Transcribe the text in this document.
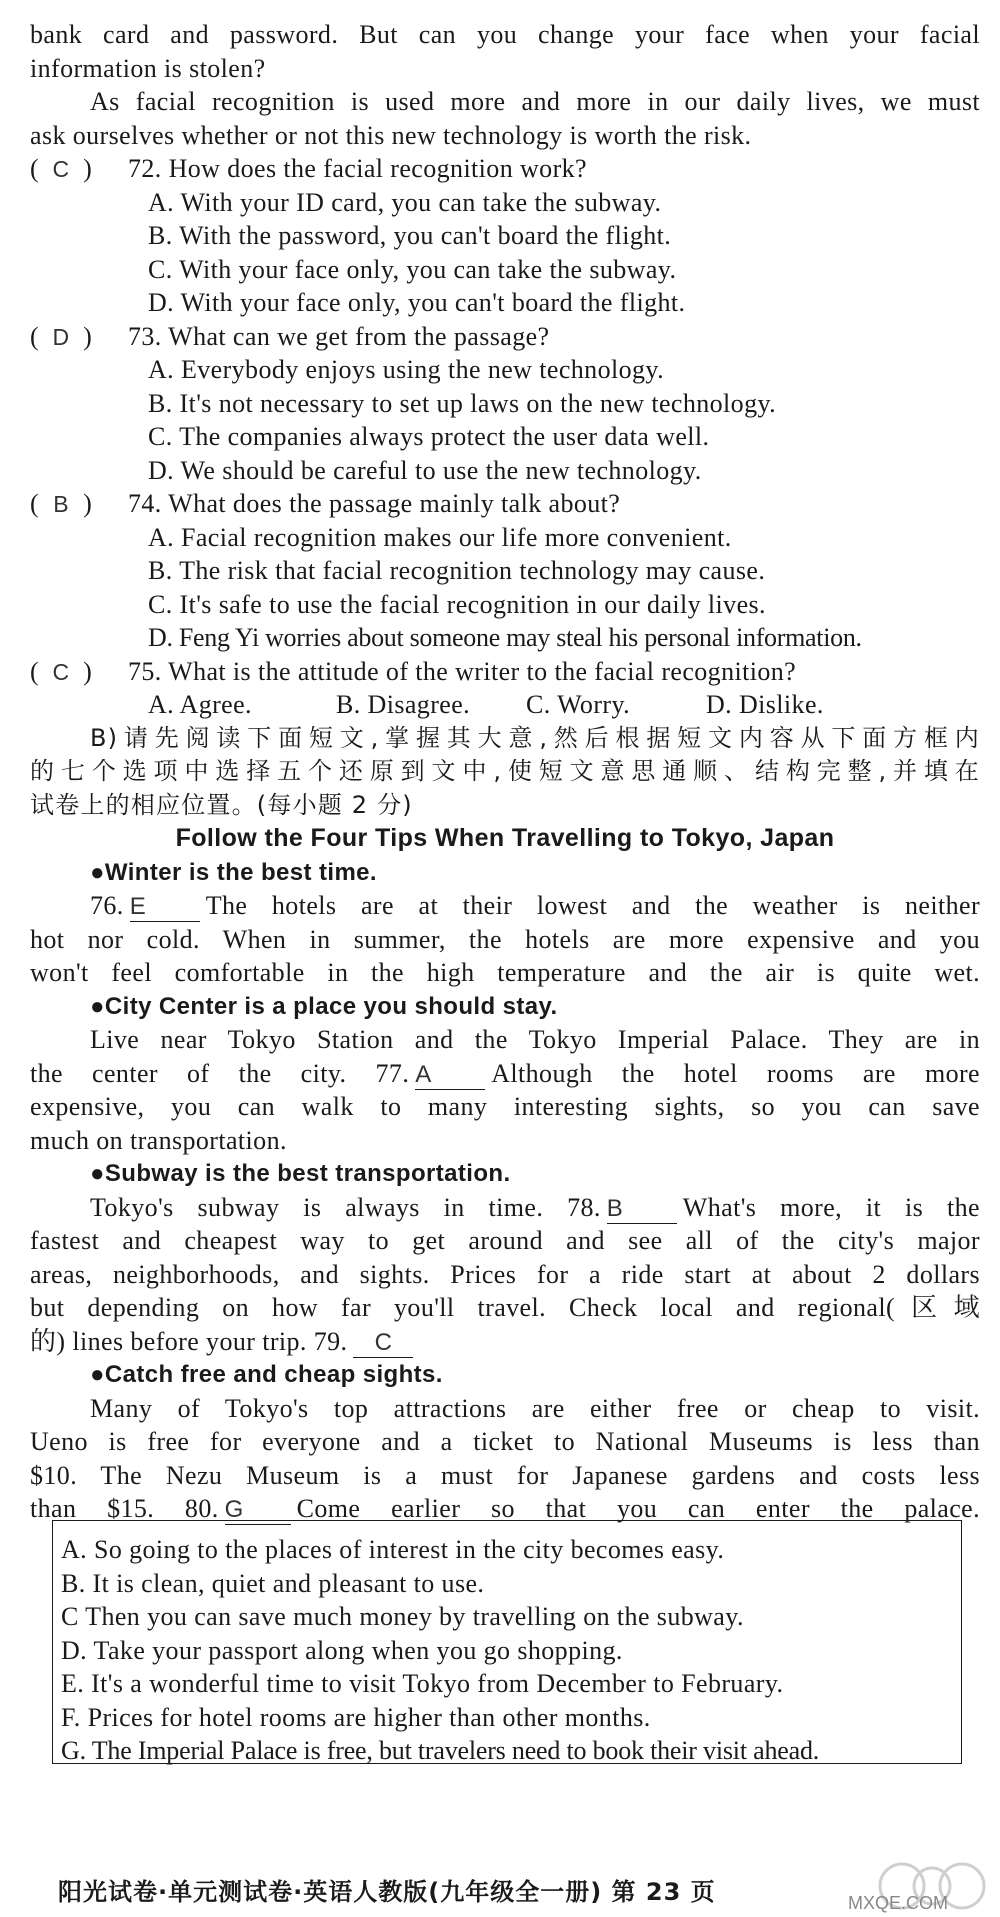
bank card and password. But can you change your face when your facial
information is stolen?
As facial recognition is used more and more in our daily lives, we must
ask ourselves whether or not this new technology is worth the risk.
( C ) 72. How does the facial recognition work?
A. With your ID card, you can take the subway.
B. With the password, you can't board the flight.
C. With your face only, you can take the subway.
D. With your face only, you can't board the flight.
( D ) 73. What can we get from the passage?
A. Everybody enjoys using the new technology.
B. It's not necessary to set up laws on the new technology.
C. The companies always protect the user data well.
D. We should be careful to use the new technology.
( B ) 74. What does the passage mainly talk about?
A. Facial recognition makes our life more convenient.
B. The risk that facial recognition technology may cause.
C. It's safe to use the facial recognition in our daily lives.
D. Feng Yi worries about someone may steal his personal information.
( C ) 75. What is the attitude of the writer to the facial recognition?
A. Agree.	B. Disagree. C. Worry.	D. Dislike.
B)请先阅读下面短文,掌握其大意,然后根据短文内容从下面方框内
的七个选项中选择五个还原到文中,使短文意思通顺、结构完整,并填在
试卷上的相应位置。(每小题 2 分)
Follow the Four Tips When Travelling to Tokyo, Japan
●Winter is the best time.
76. E The hotels are at their lowest and the weather is neither
hot nor cold. When in summer, the hotels are more expensive and you
won't feel comfortable in the high temperature and the air is quite wet.
●City Center is a place you should stay.
Live near Tokyo Station and the Tokyo Imperial Palace. They are in
the center of the city. 77. A Although the hotel rooms are more
expensive, you can walk to many interesting sights, so you can save
much on transportation.
●Subway is the best transportation.
Tokyo's subway is always in time. 78. B What's more, it is the
fastest and cheapest way to get around and see all of the city's major
areas, neighborhoods, and sights. Prices for a ride start at about 2 dollars
but depending on how far you'll travel. Check local and regional(区域
的) lines before your trip. 79. C
●Catch free and cheap sights.
Many of Tokyo's top attractions are either free or cheap to visit.
Ueno is free for everyone and a ticket to National Museums is less than
$10. The Nezu Museum is a must for Japanese gardens and costs less
than $15. 80. G Come earlier so that you can enter the palace.
A. So going to the places of interest in the city becomes easy.
B. It is clean, quiet and pleasant to use.
C Then you can save much money by travelling on the subway.
D. Take your passport along when you go shopping.
E. It's a wonderful time to visit Tokyo from December to February.
F. Prices for hotel rooms are higher than other months.
G. The Imperial Palace is free, but travelers need to book their visit ahead.
阳光试卷·单元测试卷·英语人教版(九年级全一册) 第 23 页	MXQE.COM
